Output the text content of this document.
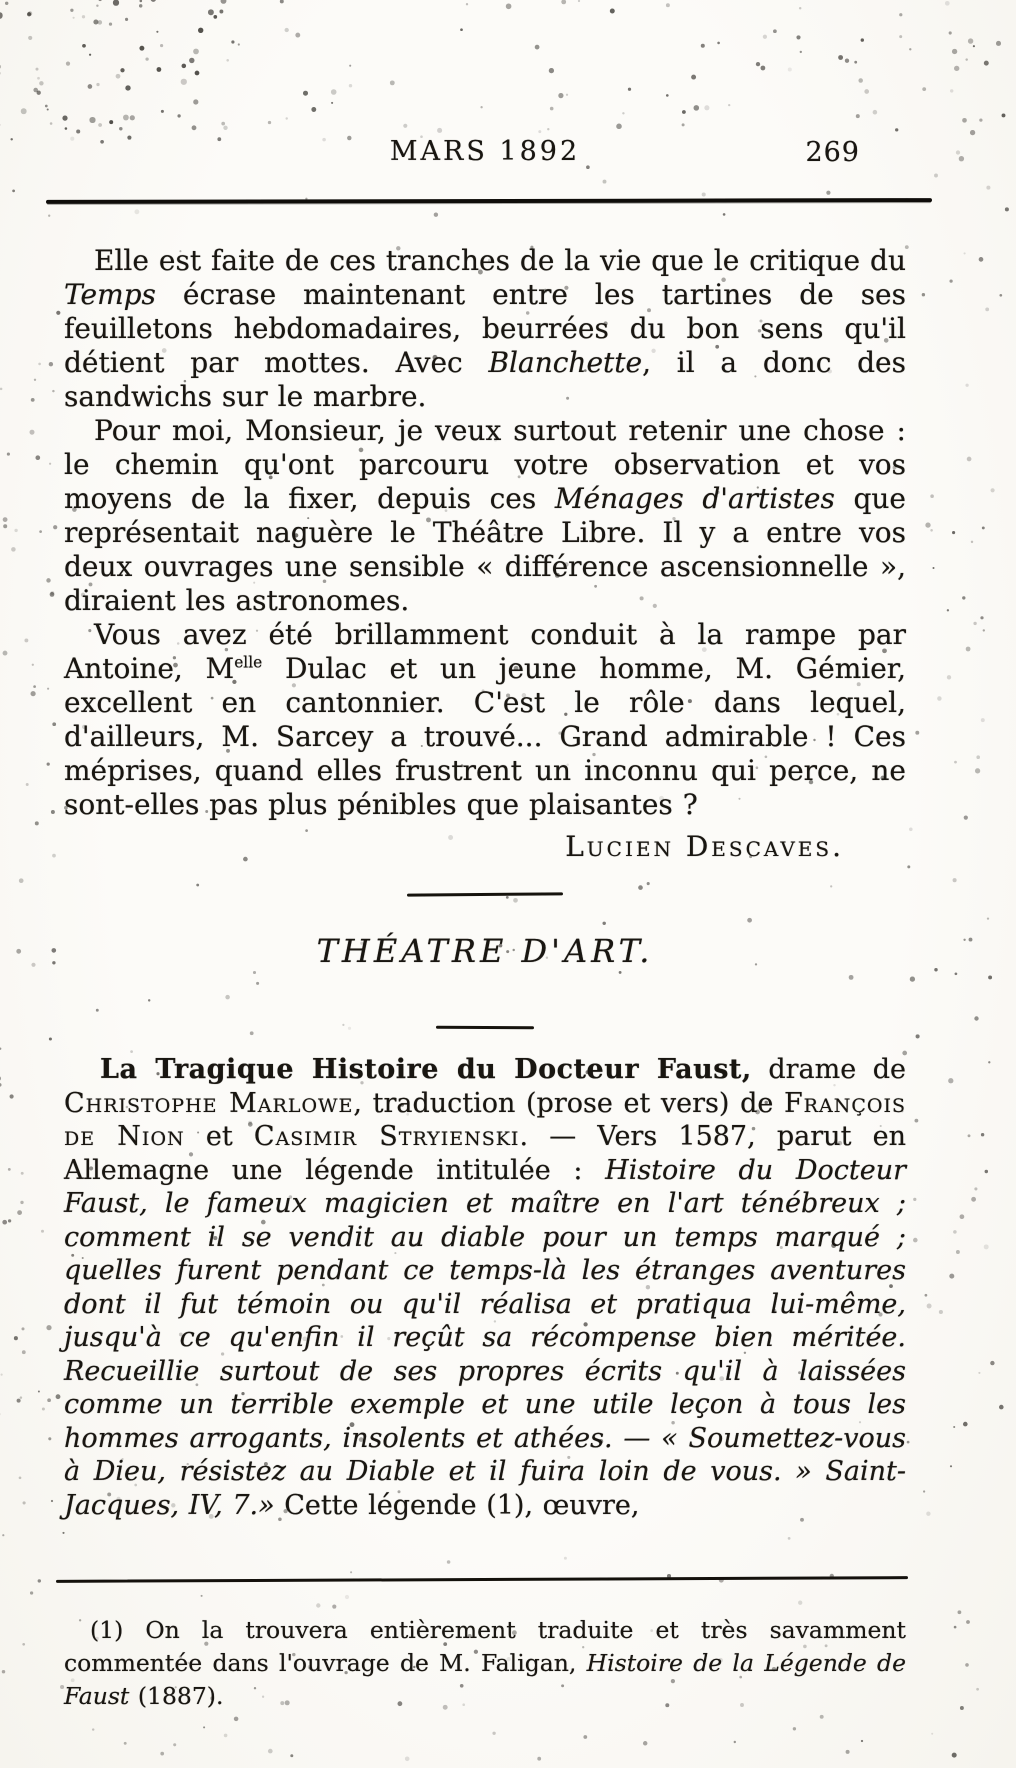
MARS 1892	269

Elle est faite de ces tranches de la vie que le critique du Temps écrase maintenant entre les tartines de ses feuilletons hebdomadaires, beurrées du bon sens qu'il détient par mottes. Avec Blanchette, il a donc des sandwichs sur le marbre.

Pour moi, Monsieur, je veux surtout retenir une chose : le chemin qu'ont parcouru votre observation et vos moyens de la fixer, depuis ces Ménages d'artistes que représentait naguère le Théâtre Libre. Il y a entre vos deux ouvrages une sensible « différence ascensionnelle », diraient les astronomes.

Vous avez été brillamment conduit à la rampe par Antoine, $M^{elle}$ Dulac et un jeune homme, M. Gémier, excellent en cantonnier. C'est le rôle dans lequel, d'ailleurs, M. Sarcey a trouvé... Grand admirable ! Ces méprises, quand elles frustrent un inconnu qui perce, ne sont-elles pas plus pénibles que plaisantes ?

Lucien Descaves.
THÉATRE D'ART.

La Tragique Histoire du Docteur Faust, drame de Christophe Marlowe, traduction (prose et vers) de François de Nion et Casimir Stryienski. — Vers 1587, parut en Allemagne une légende intitulée : Histoire du Docteur Faust, le fameux magicien et maître en l'art ténébreux ; comment il se vendit au diable pour un temps marqué ; quelles furent pendant ce temps-là les étranges aventures dont il fut témoin ou qu'il réalisa et pratiqua lui-même, jusqu'à ce qu'enfin il reçût sa récompense bien méritée. Recueillie surtout de ses propres écrits qu'il à laissées comme un terrible exemple et une utile leçon à tous les hommes arrogants, insolents et athées. — « Soumettez-vous à Dieu, résistez au Diable et il fuira loin de vous. » Saint-Jacques, IV, 7.» Cette légende (1), œuvre,

(1) On la trouvera entièrement traduite et très savamment commentée dans l'ouvrage de M. Faligan, Histoire de la Légende de Faust (1887).
